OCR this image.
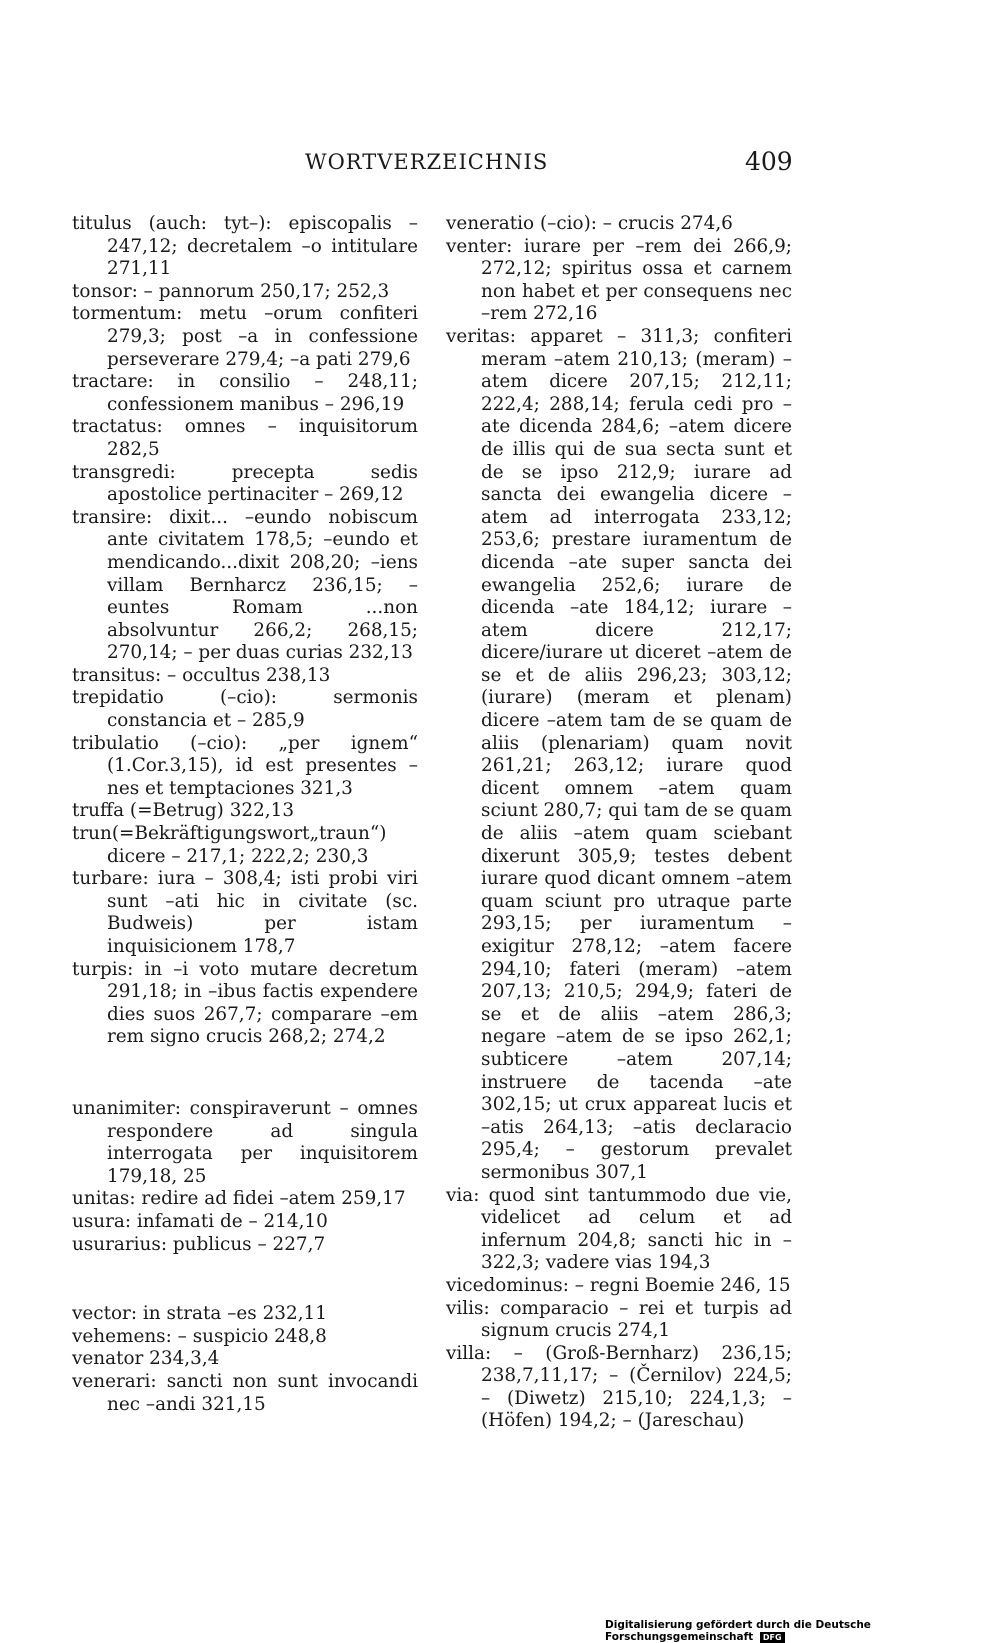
WORTVERZEICHNIS	409

titulus (auch: tyt–): episcopalis – 247,12; decretalem –o intitulare 271,11

tonsor: – pannorum 250,17; 252,3

tormentum: metu –orum confiteri 279,3; post –a in confessione perseverare 279,4; –a pati 279,6

tractare: in consilio – 248,11; confessionem manibus – 296,19

tractatus: omnes – inquisitorum 282,5

transgredi: precepta sedis apostolice pertinaciter – 269,12

transire: dixit... –eundo nobiscum ante civitatem 178,5; –eundo et mendicando...dixit 208,20; –iens villam Bernharcz 236,15; –euntes Romam ...non absolvuntur 266,2; 268,15; 270,14; – per duas curias 232,13

transitus: – occultus 238,13

trepidatio (–cio): sermonis constancia et – 285,9

tribulatio (–cio): „per ignem“ (1.Cor.3,15), id est presentes –nes et temptaciones 321,3

truffa (=Betrug) 322,13

trun(=Bekräftigungswort„traun“) dicere – 217,1; 222,2; 230,3

turbare: iura – 308,4; isti probi viri sunt –ati hic in civitate (sc. Budweis) per istam inquisicionem 178,7

turpis: in –i voto mutare decretum 291,18; in –ibus factis expendere dies suos 267,7; comparare –em rem signo crucis 268,2; 274,2

unanimiter: conspiraverunt – omnes respondere ad singula interrogata per inquisitorem 179,18, 25

unitas: redire ad fidei –atem 259,17

usura: infamati de – 214,10

usurarius: publicus – 227,7

vector: in strata –es 232,11

vehemens: – suspicio 248,8

venator 234,3,4

venerari: sancti non sunt invocandi nec –andi 321,15

veneratio (–cio): – crucis 274,6

venter: iurare per –rem dei 266,9; 272,12; spiritus ossa et carnem non habet et per consequens nec –rem 272,16

veritas: apparet – 311,3; confiteri meram –atem 210,13; (meram) –atem dicere 207,15; 212,11; 222,4; 288,14; ferula cedi pro –ate dicenda 284,6; –atem dicere de illis qui de sua secta sunt et de se ipso 212,9; iurare ad sancta dei ewangelia dicere –atem ad interrogata 233,12; 253,6; prestare iuramentum de dicenda –ate super sancta dei ewangelia 252,6; iurare de dicenda –ate 184,12; iurare –atem dicere 212,17; dicere/iurare ut diceret –atem de se et de aliis 296,23; 303,12; (iurare) (meram et plenam) dicere –atem tam de se quam de aliis (plenariam) quam novit 261,21; 263,12; iurare quod dicent omnem –atem quam sciunt 280,7; qui tam de se quam de aliis –atem quam sciebant dixerunt 305,9; testes debent iurare quod dicant omnem –atem quam sciunt pro utraque parte 293,15; per iuramentum – exigitur 278,12; –atem facere 294,10; fateri (meram) –atem 207,13; 210,5; 294,9; fateri de se et de aliis –atem 286,3; negare –atem de se ipso 262,1; subticere –atem 207,14; instruere de tacenda –ate 302,15; ut crux appareat lucis et –atis 264,13; –atis declaracio 295,4; – gestorum prevalet sermonibus 307,1

via: quod sint tantummodo due vie, videlicet ad celum et ad infernum 204,8; sancti hic in – 322,3; vadere vias 194,3

vicedominus: – regni Boemie 246, 15

vilis: comparacio – rei et turpis ad signum crucis 274,1

villa: – (Groß-Bernharz) 236,15; 238,7,11,17; – (Černilov) 224,5; – (Diwetz) 215,10; 224,1,3; – (Höfen) 194,2; – (Jareschau)

Digitalisierung gefördert durch die Deutsche Forschungsgemeinschaft DFG
